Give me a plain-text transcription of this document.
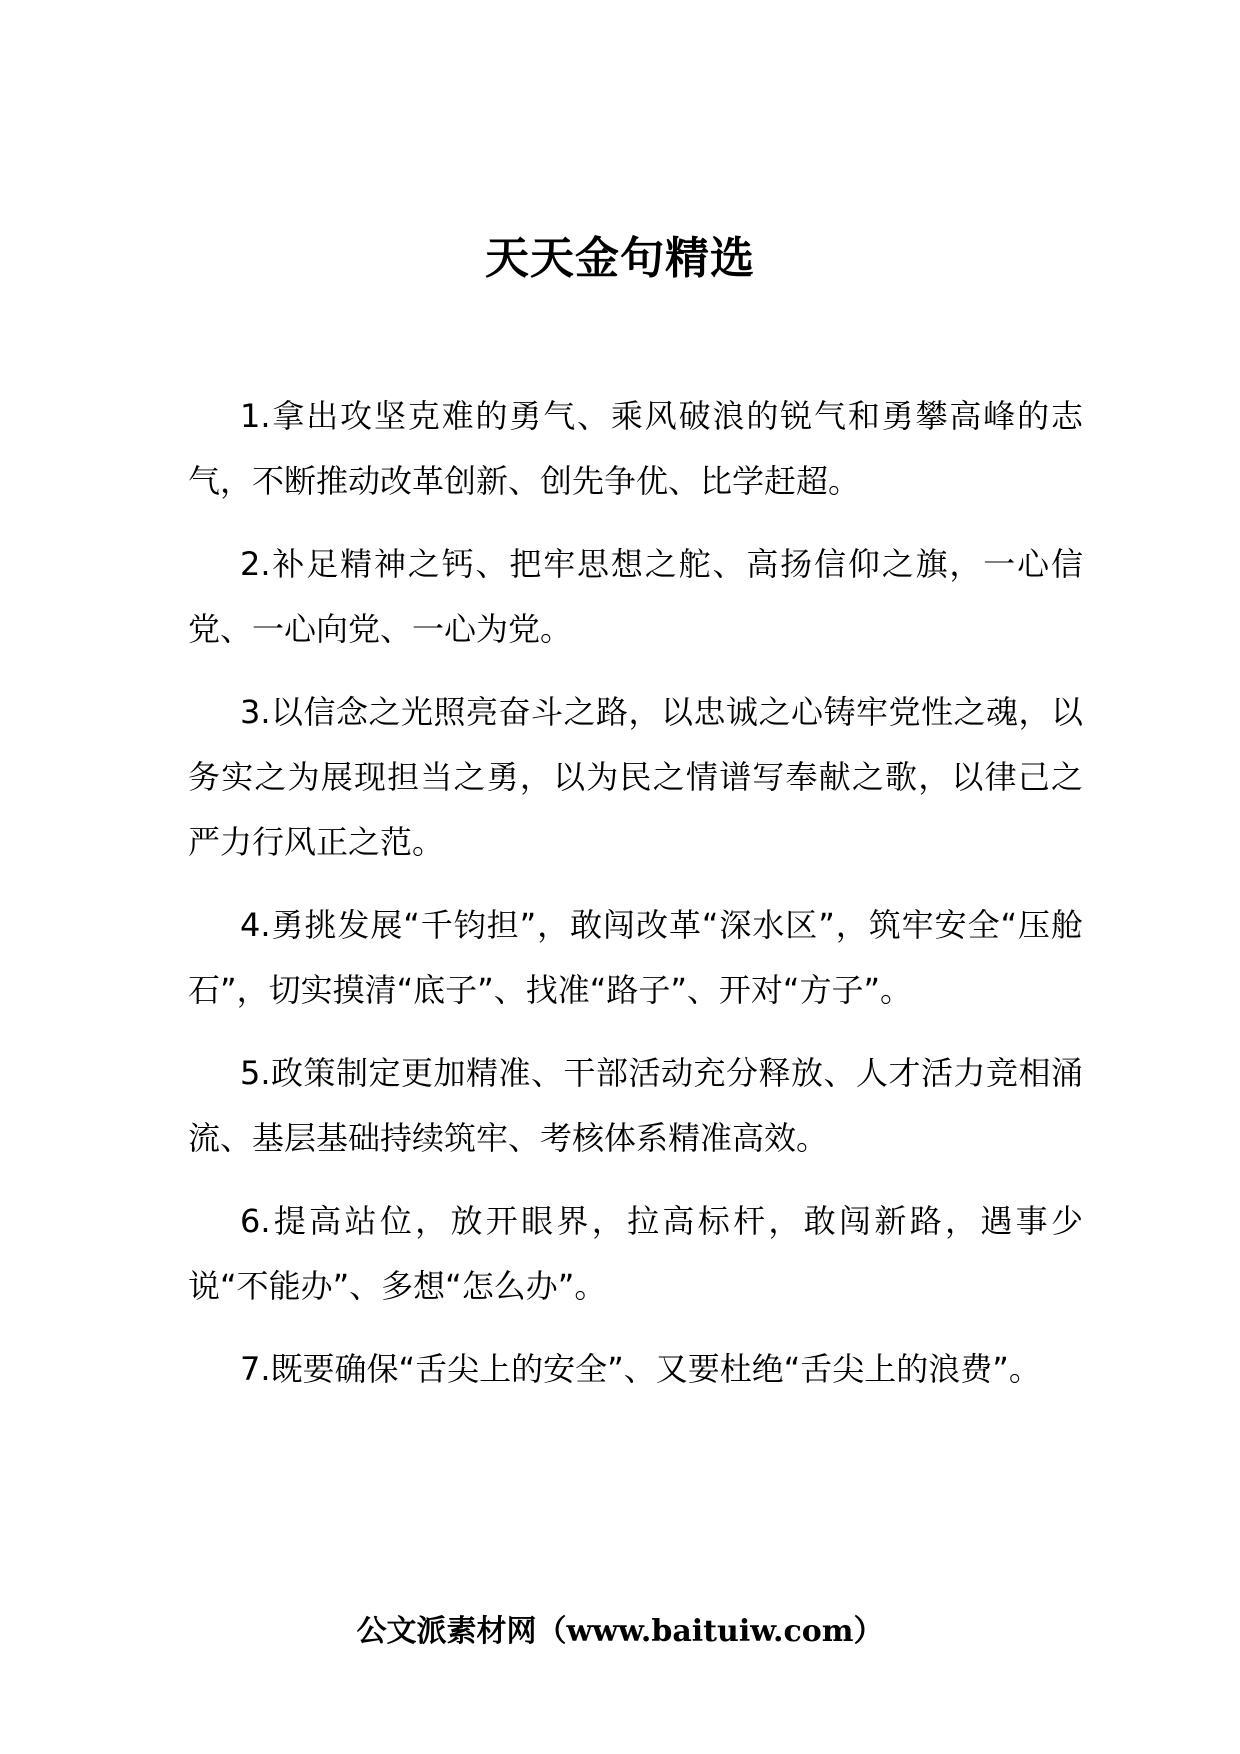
天天金句精选
1.拿出攻坚克难的勇气、乘风破浪的锐气和勇攀高峰的志气，不断推动改革创新、创先争优、比学赶超。
2.补足精神之钙、把牢思想之舵、高扬信仰之旗，一心信党、一心向党、一心为党。
3.以信念之光照亮奋斗之路，以忠诚之心铸牢党性之魂，以务实之为展现担当之勇，以为民之情谱写奉献之歌，以律己之严力行风正之范。
4.勇挑发展“千钧担”，敢闯改革“深水区”，筑牢安全“压舱石”，切实摸清“底子”、找准“路子”、开对“方子”。
5.政策制定更加精准、干部活动充分释放、人才活力竞相涌流、基层基础持续筑牢、考核体系精准高效。
6.提高站位，放开眼界，拉高标杆，敢闯新路，遇事少说“不能办”、多想“怎么办”。
7.既要确保“舌尖上的安全”、又要杜绝“舌尖上的浪费”。
公文派素材网（www.baituiw.com）
